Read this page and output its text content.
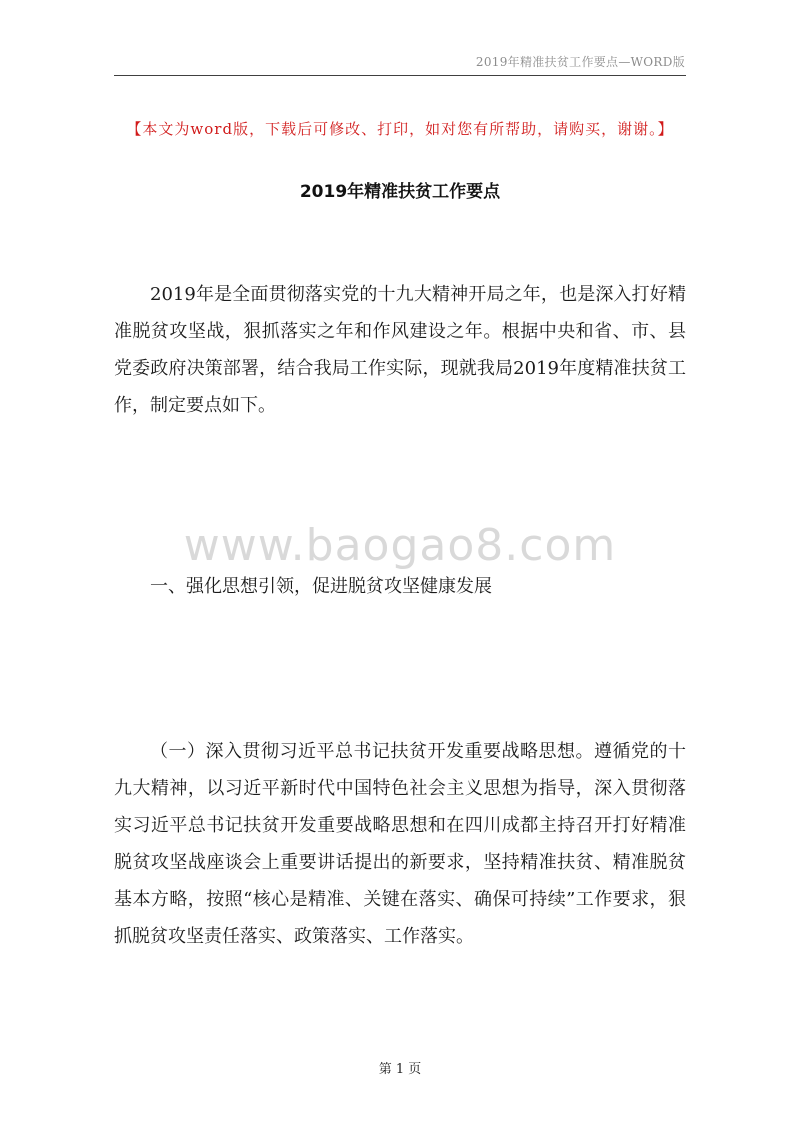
2019年精准扶贫工作要点—WORD版
【本文为word版，下载后可修改、打印，如对您有所帮助，请购买，谢谢。】
2019年精准扶贫工作要点

2019年是全面贯彻落实党的十九大精神开局之年，也是深入打好精准脱贫攻坚战，狠抓落实之年和作风建设之年。根据中央和省、市、县党委政府决策部署，结合我局工作实际，现就我局2019年度精准扶贫工作，制定要点如下。

www.baogao8.com

一、强化思想引领，促进脱贫攻坚健康发展

（一）深入贯彻习近平总书记扶贫开发重要战略思想。遵循党的十九大精神，以习近平新时代中国特色社会主义思想为指导，深入贯彻落实习近平总书记扶贫开发重要战略思想和在四川成都主持召开打好精准脱贫攻坚战座谈会上重要讲话提出的新要求，坚持精准扶贫、精准脱贫基本方略，按照“核心是精准、关键在落实、确保可持续”工作要求，狠抓脱贫攻坚责任落实、政策落实、工作落实。

第 1 页
